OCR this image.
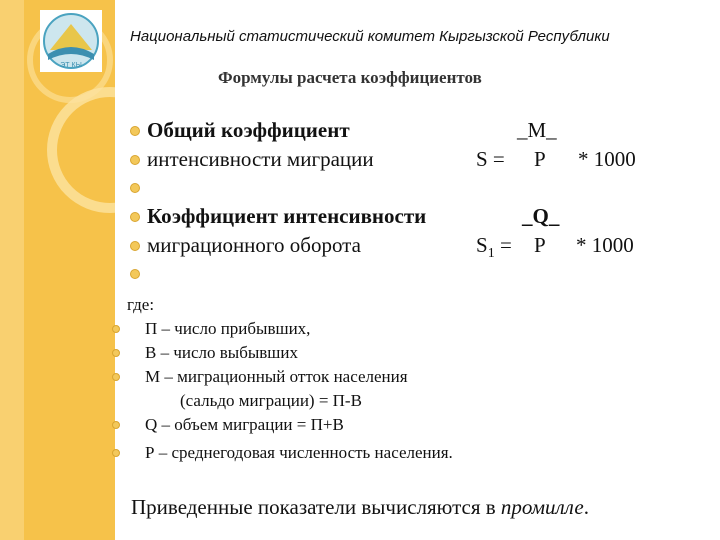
ЭТ КЫ
Национальный статистический комитет Кыргызской Республики
Формулы расчета коэффициентов
Общий коэффициент
интенсивности миграции
_M_
S = P * 1000
Коэффициент интенсивности
миграционного оборота
_Q_
$S_1 = P * 1000$
где:
П – число прибывших,
В – число выбывших
М – миграционный отток населения
(сальдо миграции) = П-В
Q – объем миграции = П+В
Р – среднегодовая численность населения.
Приведенные показатели вычисляются в промилле.
